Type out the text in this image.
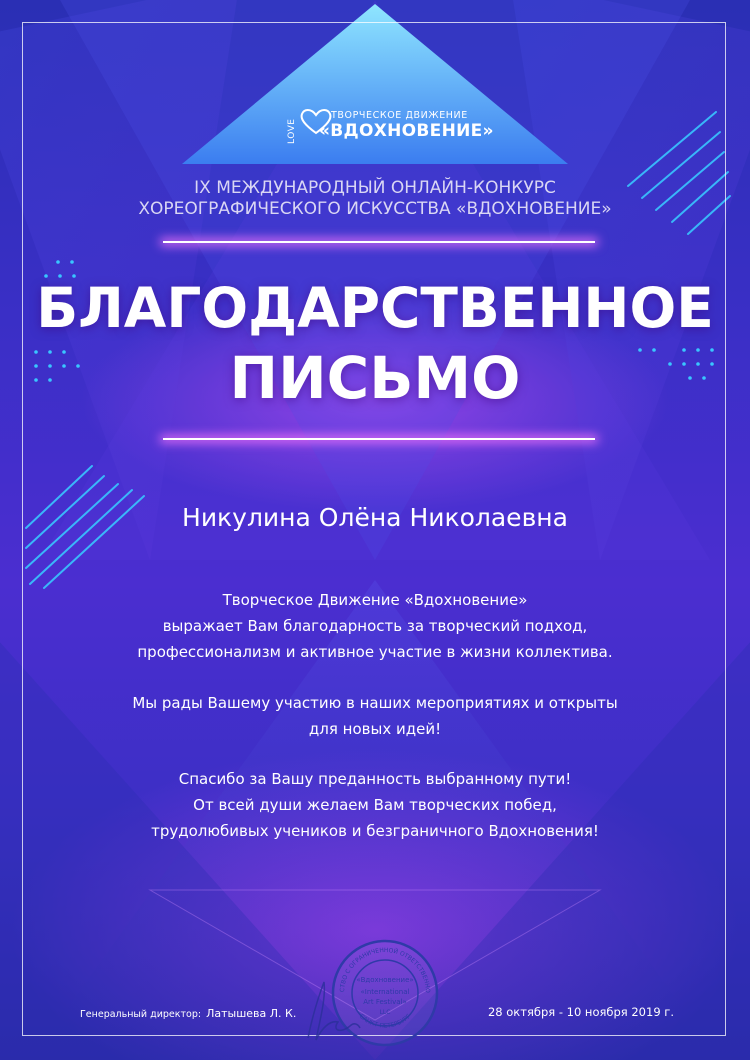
LOVE
ТВОРЧЕСКОЕ ДВИЖЕНИЕ
«ВДОХНОВЕНИЕ»
IX МЕЖДУНАРОДНЫЙ ОНЛАЙН-КОНКУРС
ХОРЕОГРАФИЧЕСКОГО ИСКУССТВА «ВДОХНОВЕНИЕ»
БЛАГОДАРСТВЕННОЕ
ПИСЬМО
Никулина Олёна Николаевна
Творческое Движение «Вдохновение»
выражает Вам благодарность за творческий подход,
профессионализм и активное участие в жизни коллектива.
Мы рады Вашему участию в наших мероприятиях и открыты
для новых идей!
Спасибо за Вашу преданность выбранному пути!
От всей души желаем Вам творческих побед,
трудолюбивых учеников и безграничного Вдохновения!
СТВО С ОГРАНИЧЕННОЙ ОТВЕТСТВЕННО
САНКТ-ПЕТЕРБУРГ
«Вдохновение»
«International
Art Festival»
LLC
Генеральный директор: Латышева Л. К.	28 октября - 10 ноября 2019 г.
